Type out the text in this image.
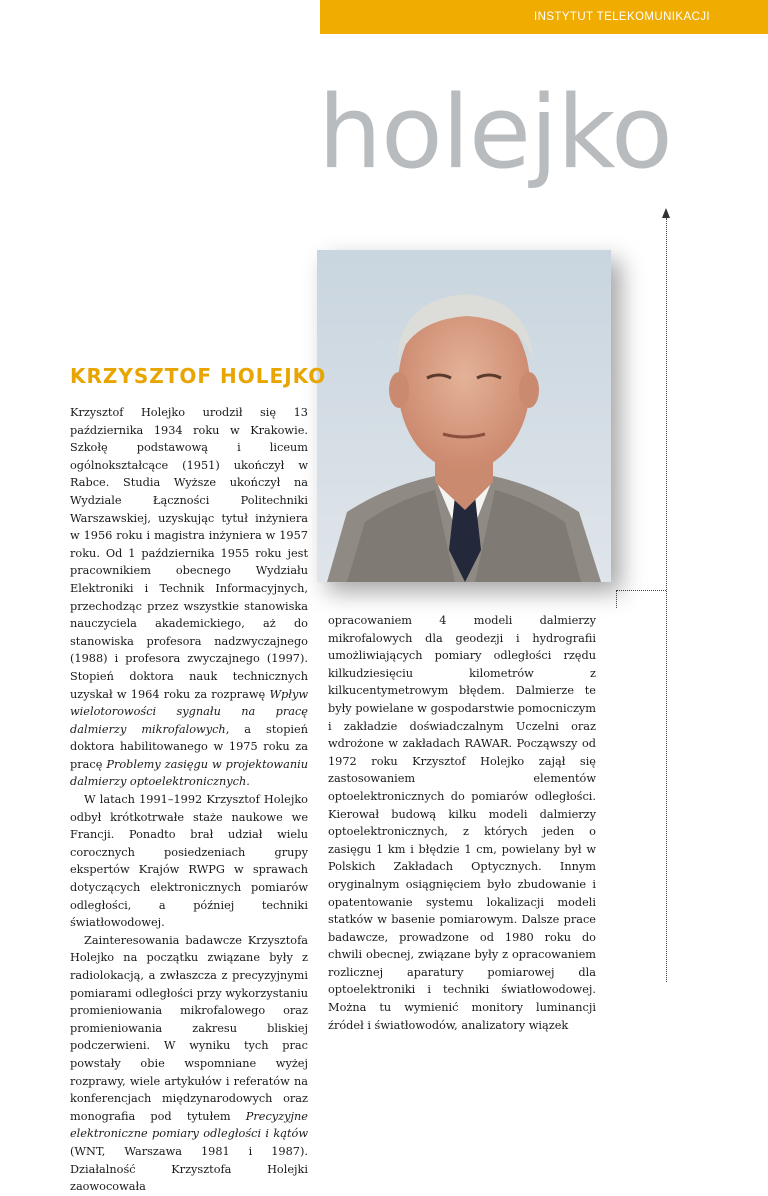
INSTYTUT TELEKOMUNIKACJI
holejko
KRZYSZTOF HOLEJKO

Krzysztof Holejko urodził się 13 października 1934 roku w Krakowie. Szkołę podstawową i liceum ogólnokształcące (1951) ukończył w Rabce. Studia Wyższe ukończył na Wydziale Łączności Politechniki Warszawskiej, uzyskując tytuł inżyniera w 1956 roku i magistra inżyniera w 1957 roku. Od 1 października 1955 roku jest pracownikiem obecnego Wydziału Elektroniki i Technik Informacyjnych, przechodząc przez wszystkie stanowiska nauczyciela akademickiego, aż do stanowiska profesora nadzwyczajnego (1988) i profesora zwyczajnego (1997). Stopień doktora nauk technicznych uzyskał w 1964 roku za rozprawę Wpływ wielotorowości sygnału na pracę dalmierzy mikrofalowych, a stopień doktora habilitowanego w 1975 roku za pracę Problemy zasięgu w projektowaniu dalmierzy optoelektronicznych.

W latach 1991–1992 Krzysztof Holejko odbył krótkotrwałe staże naukowe we Francji. Ponadto brał udział wielu corocznych posiedzeniach grupy ekspertów Krajów RWPG w sprawach dotyczących elektronicznych pomiarów odległości, a później techniki światłowodowej.

Zainteresowania badawcze Krzysztofa Holejko na początku związane były z radiolokacją, a zwłaszcza z precyzyjnymi pomiarami odległości przy wykorzystaniu promieniowania mikrofalowego oraz promieniowania zakresu bliskiej podczerwieni. W wyniku tych prac powstały obie wspomniane wyżej rozprawy, wiele artykułów i referatów na konferencjach międzynarodowych oraz monografia pod tytułem Precyzyjne elektroniczne pomiary odległości i kątów (WNT, Warszawa 1981 i 1987). Działalność Krzysztofa Holejki zaowocowała

opracowaniem 4 modeli dalmierzy mikrofalowych dla geodezji i hydrografii umożliwiających pomiary odległości rzędu kilkudziesięciu kilometrów z kilkucentymetrowym błędem. Dalmierze te były powielane w gospodarstwie pomocniczym i zakładzie doświadczalnym Uczelni oraz wdrożone w zakładach RAWAR. Począwszy od 1972 roku Krzysztof Holejko zajął się zastosowaniem elementów optoelektronicznych do pomiarów odległości. Kierował budową kilku modeli dalmierzy optoelektronicznych, z których jeden o zasięgu 1 km i błędzie 1 cm, powielany był w Polskich Zakładach Optycznych. Innym oryginalnym osiągnięciem było zbudowanie i opatentowanie systemu lokalizacji modeli statków w basenie pomiarowym. Dalsze prace badawcze, prowadzone od 1980 roku do chwili obecnej, związane były z opracowaniem rozlicznej aparatury pomiarowej dla optoelektroniki i techniki światłowodowej. Można tu wymienić monitory luminancji źródeł i światłowodów, analizatory wiązek
